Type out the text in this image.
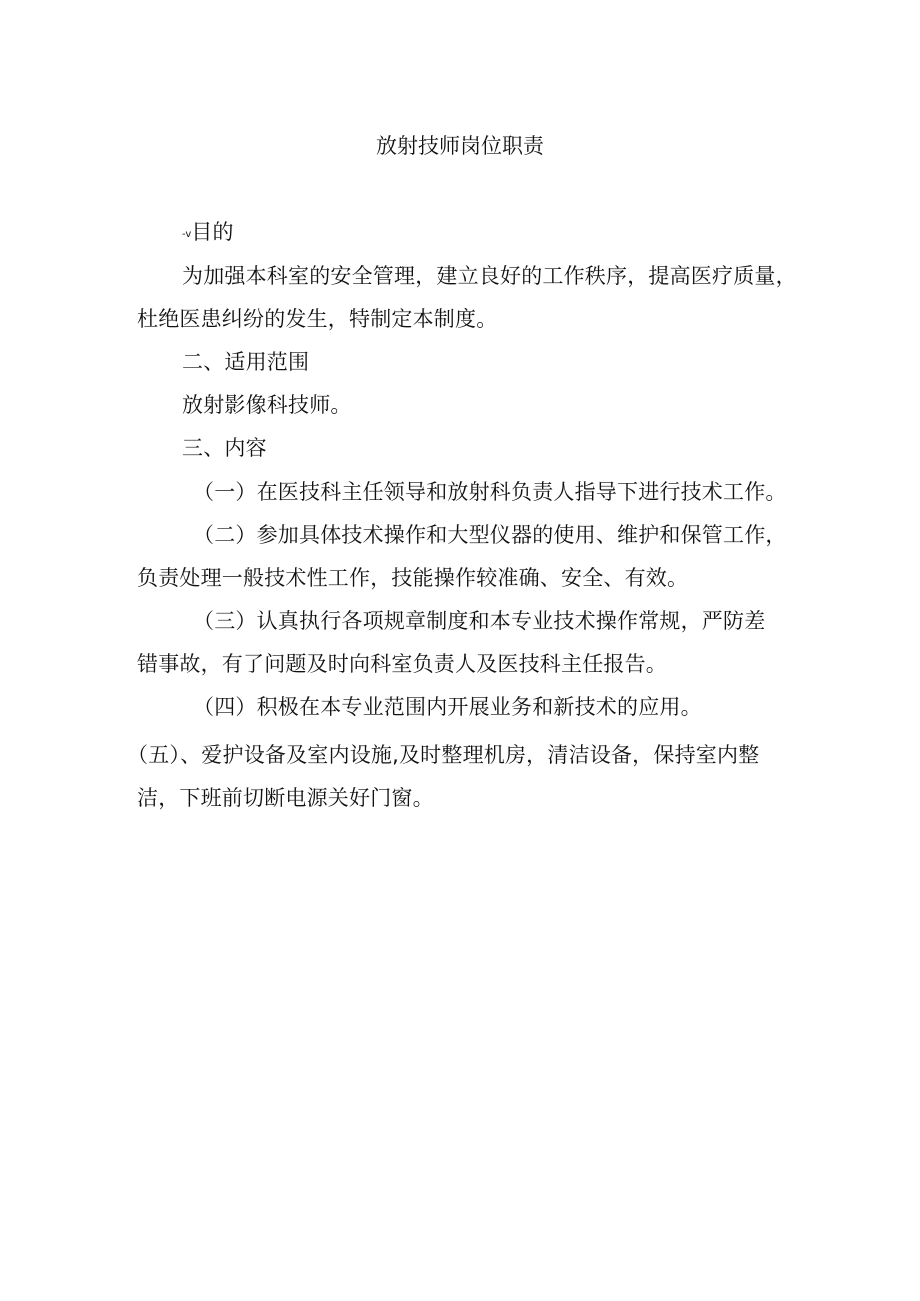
放射技师岗位职责
-v目的
为加强本科室的安全管理，建立良好的工作秩序，提高医疗质量，
杜绝医患纠纷的发生，特制定本制度。
二、适用范围
放射影像科技师。
三、内容
（一）在医技科主任领导和放射科负责人指导下进行技术工作。
（二）参加具体技术操作和大型仪器的使用、维护和保管工作，
负责处理一般技术性工作，技能操作较准确、安全、有效。
（三）认真执行各项规章制度和本专业技术操作常规，严防差
错事故，有了问题及时向科室负责人及医技科主任报告。
（四）积极在本专业范围内开展业务和新技术的应用。
（五）、爱护设备及室内设施,及时整理机房，清洁设备，保持室内整
洁，下班前切断电源关好门窗。
